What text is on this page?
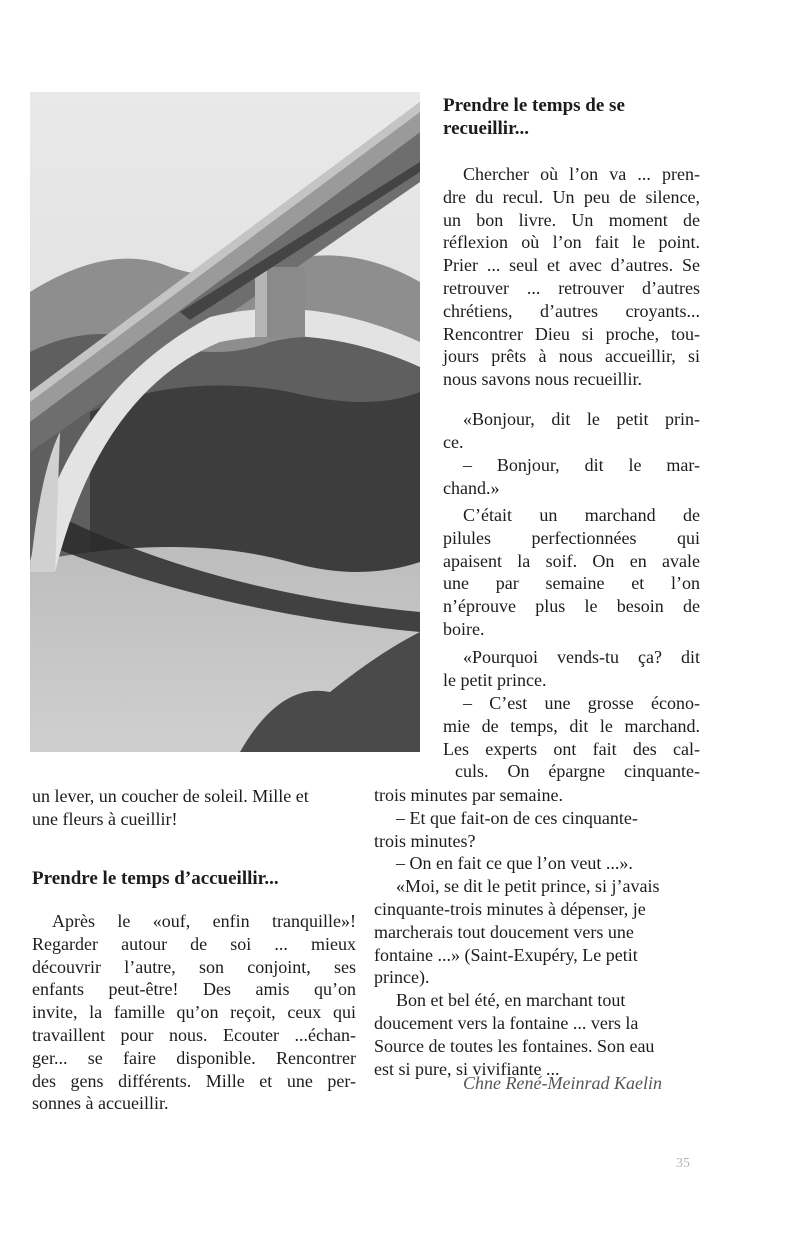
Prendre le temps de se
recueillir...
Chercher où l’on va ... pren-
dre du recul. Un peu de silence,
un bon livre. Un moment de
réflexion où l’on fait le point.
Prier ... seul et avec d’autres. Se
retrouver ... retrouver d’autres
chrétiens, d’autres croyants...
Rencontrer Dieu si proche, tou-
jours prêts à nous accueillir, si
nous savons nous recueillir.
«Bonjour, dit le petit prin-
ce.
– Bonjour, dit le mar-
chand.»
C’était un marchand de
pilules perfectionnées qui
apaisent la soif. On en avale
une par semaine et l’on
n’éprouve plus le besoin de
boire.
«Pourquoi vends-tu ça? dit
le petit prince.
– C’est une grosse écono-
mie de temps, dit le marchand.
Les experts ont fait des cal-
culs. On épargne cinquante-
trois minutes par semaine.
– Et que fait-on de ces cinquante-
trois minutes?
– On en fait ce que l’on veut ...».
«Moi, se dit le petit prince, si j’avais
cinquante-trois minutes à dépenser, je
marcherais tout doucement vers une
fontaine ...» (Saint-Exupéry, Le petit
prince).
Bon et bel été, en marchant tout
doucement vers la fontaine ... vers la
Source de toutes les fontaines. Son eau
est si pure, si vivifiante ...
Chne René-Meinrad Kaelin
un lever, un coucher de soleil. Mille et
une fleurs à cueillir!
Prendre le temps d’accueillir...
Après le «ouf, enfin tranquille»!
Regarder autour de soi ... mieux
découvrir l’autre, son conjoint, ses
enfants peut-être! Des amis qu’on
invite, la famille qu’on reçoit, ceux qui
travaillent pour nous. Ecouter ...échan-
ger... se faire disponible. Rencontrer
des gens différents. Mille et une per-
sonnes à accueillir.
35
